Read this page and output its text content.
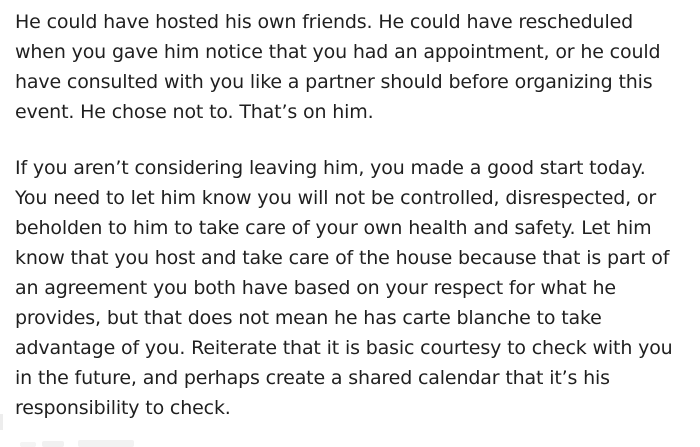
He could have hosted his own friends. He could have rescheduled
when you gave him notice that you had an appointment, or he could
have consulted with you like a partner should before organizing this
event. He chose not to. That’s on him.
If you aren’t considering leaving him, you made a good start today.
You need to let him know you will not be controlled, disrespected, or
beholden to him to take care of your own health and safety. Let him
know that you host and take care of the house because that is part of
an agreement you both have based on your respect for what he
provides, but that does not mean he has carte blanche to take
advantage of you. Reiterate that it is basic courtesy to check with you
in the future, and perhaps create a shared calendar that it’s his
responsibility to check.
